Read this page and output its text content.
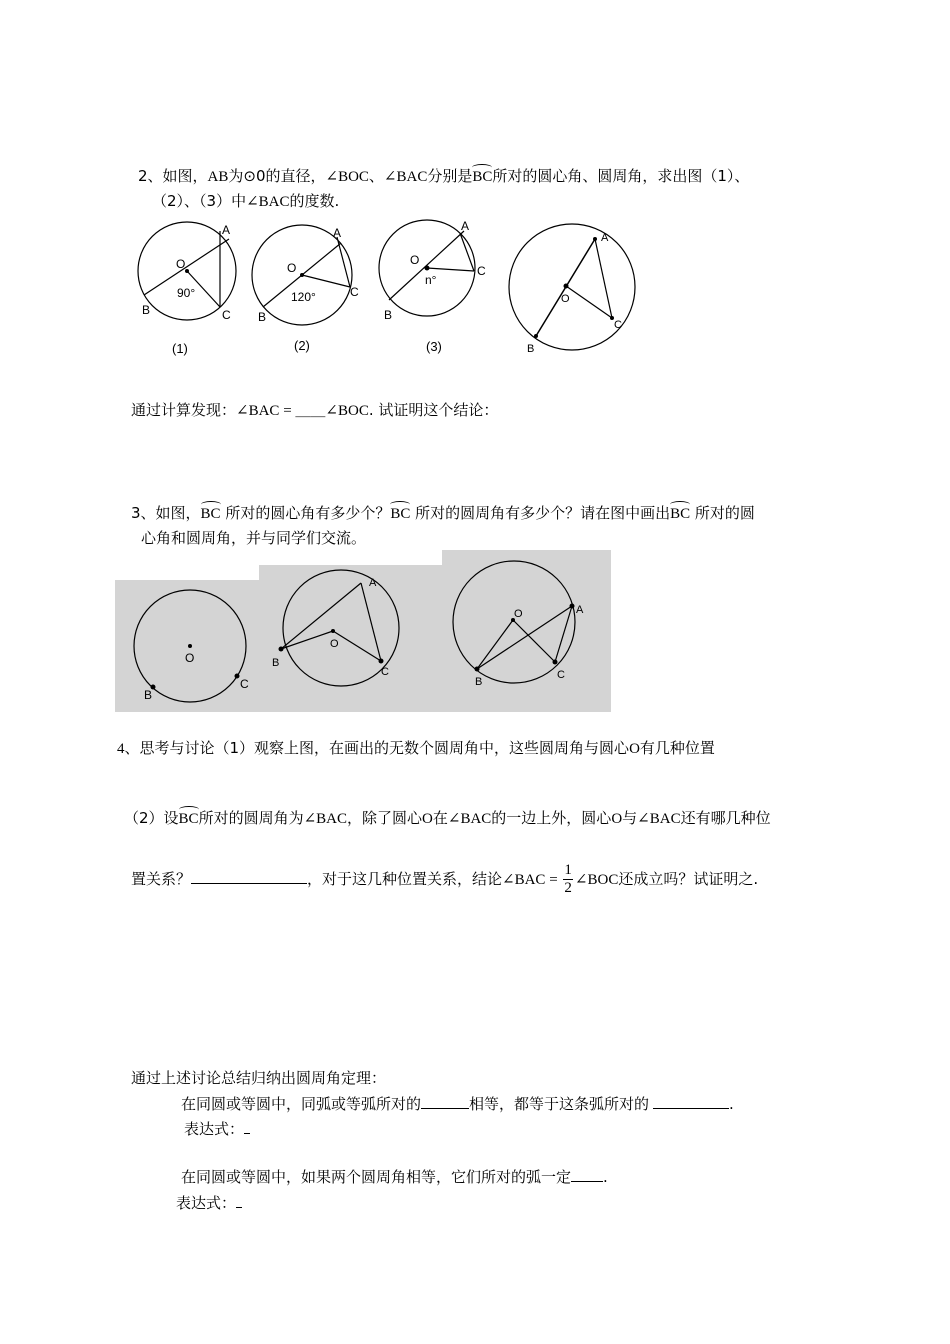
2、如图，AB为⊙0的直径，∠BOC、∠BAC分别是BC所对的圆心角、圆周角，求出图（1）、
（2）、（3）中∠BAC的度数.
A
B	C
O
90°
(1)
A
B
C
O
120°
(2)
A
B
C
O
n°
(3)
A
B
C
O
通过计算发现：∠BAC = ＿＿∠BOC. 试证明这个结论：
3、如图，BC 所对的圆心角有多少个？BC 所对的圆周角有多少个？请在图中画出BC 所对的圆
心角和圆周角，并与同学们交流。
O
B
C
A
B
C
O
A
B
C
O
4、思考与讨论（1）观察上图，在画出的无数个圆周角中，这些圆周角与圆心O有几种位置
（2）设BC所对的圆周角为∠BAC，除了圆心O在∠BAC的一边上外，圆心O与∠BAC还有哪几种位
置关系？	，对于这几种位置关系，结论∠BAC = $\frac{1}{2}$ ∠BOC还成立吗？试证明之.
通过上述讨论总结归纳出圆周角定理：
在同圆或等圆中，同弧或等弧所对的	相等，都等于这条弧所对的	.
表达式：
在同圆或等圆中，如果两个圆周角相等，它们所对的弧一定 .
表达式：
